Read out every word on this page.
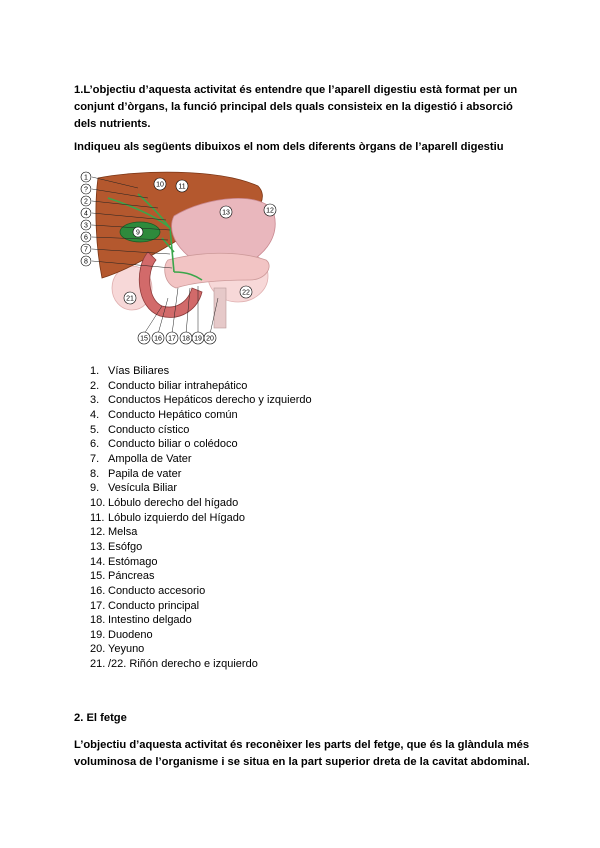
1.L’objectiu d’aquesta activitat és entendre que l’aparell digestiu està format per un conjunt d’òrgans, la funció principal dels quals consisteix en la digestió i absorció dels nutrients.

Indiqueu als següents dibuixos el nom dels diferents òrgans de l’aparell digestiu

1
?
2
4
3
6
7
8
10 11
12
13
9
21
22
15 16 17 18 19 20
1. Vías Biliares
2. Conducto biliar intrahepático
3. Conductos Hepáticos derecho y izquierdo
4. Conducto Hepático común
5. Conducto cístico
6. Conducto biliar o colédoco
7. Ampolla de Vater
8. Papila de vater
9. Vesícula Biliar
10. Lóbulo derecho del hígado
11. Lóbulo izquierdo del Hígado
12. Melsa
13. Esófgo
14. Estómago
15. Páncreas
16. Conducto accesorio
17. Conducto principal
18. Intestino delgado
19. Duodeno
20. Yeyuno
21. /22. Riñón derecho e izquierdo
2. El fetge

L’objectiu d’aquesta activitat és reconèixer les parts del fetge, que és la glàndula més voluminosa de l’organisme i se situa en la part superior dreta de la cavitat abdominal.
